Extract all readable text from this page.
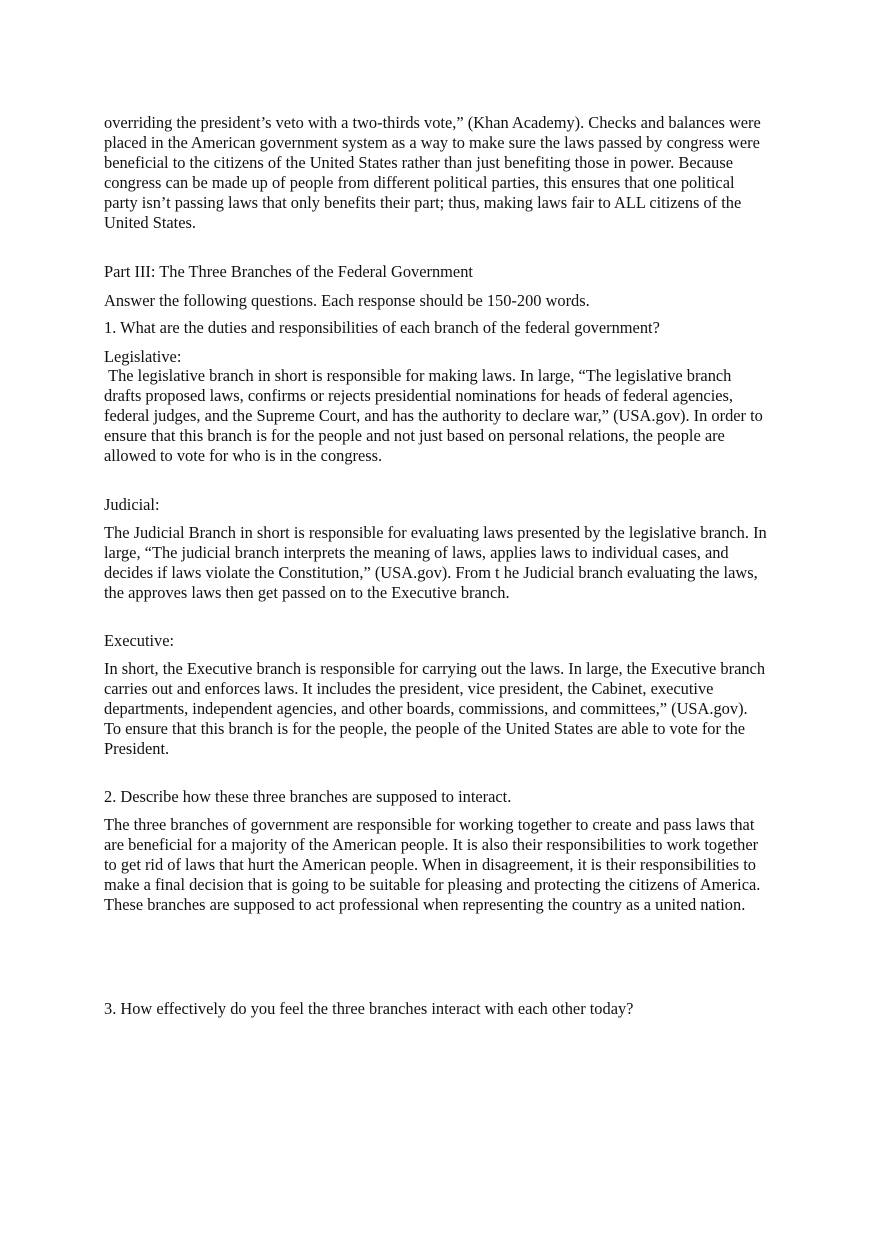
overriding the president’s veto with a two-thirds vote,” (Khan Academy). Checks and balances were placed in the American government system as a way to make sure the laws passed by congress were beneficial to the citizens of the United States rather than just benefiting those in power. Because congress can be made up of people from different political parties, this ensures that one political party isn’t passing laws that only benefits their part; thus, making laws fair to ALL citizens of the United States.

Part III: The Three Branches of the Federal Government

Answer the following questions. Each response should be 150-200 words.

1. What are the duties and responsibilities of each branch of the federal government?

Legislative:

The legislative branch in short is responsible for making laws. In large, “The legislative branch drafts proposed laws, confirms or rejects presidential nominations for heads of federal agencies, federal judges, and the Supreme Court, and has the authority to declare war,” (USA.gov). In order to ensure that this branch is for the people and not just based on personal relations, the people are allowed to vote for who is in the congress.

Judicial:

The Judicial Branch in short is responsible for evaluating laws presented by the legislative branch. In large, “The judicial branch interprets the meaning of laws, applies laws to individual cases, and decides if laws violate the Constitution,” (USA.gov). From t he Judicial branch evaluating the laws, the approves laws then get passed on to the Executive branch.

Executive:

In short, the Executive branch is responsible for carrying out the laws. In large, the Executive branch carries out and enforces laws. It includes the president, vice president, the Cabinet, executive departments, independent agencies, and other boards, commissions, and committees,” (USA.gov).  To ensure that this branch is for the people, the people of the United States are able to vote for the President.

2. Describe how these three branches are supposed to interact.

The three branches of government are responsible for working together to create and pass laws that are beneficial for a majority of the American people. It is also their responsibilities to work together to get rid of laws that hurt the American people. When in disagreement, it is their responsibilities to make a final decision that is going to be suitable for pleasing and protecting the citizens of America. These branches are supposed to act professional when representing the country as a united nation.

3. How effectively do you feel the three branches interact with each other today?
